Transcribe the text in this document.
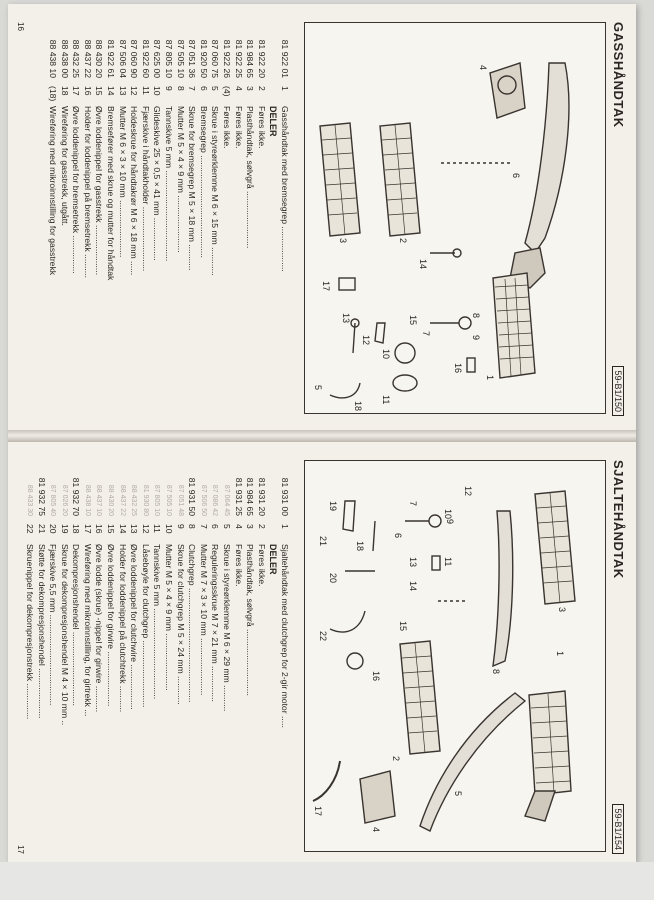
GASSHÅNDTAK
59-B1/150
1
2
3
4
5
6
7
8
9
10
11
12
13
14
15
16
17
18
81 922 01
1
Gasshåndtak med bremsegrep ...................
DELER
81 922 20
2
Føres ikke.
81 984 65
3
Plasthåndtak, sølvgrå ........................
81 922 25
4
Føres ikke.
81 922 26
(4)
Føres ikke.
87 060 75
5
Skrue i styreørklemme M 6 × 15 mm ............
81 920 50
6
Bremsegrep ...........................................
87 051 36
7
Skrue for bremsegrep M 5 × 18 mm ...........
87 505 10
8
Mutter M 5 × 4 × 9 mm ........................
87 805 10
9
Tannskive 5 mm ......................................
87 625 00
10
Glideskive 25 × 0,5 × 41 mm ..................
81 922 60
11
Fjærskive i håndtakholder ...........................
87 060 90
12
Holdeskrue for håndtakrør M 6 × 18 mm ......
87 506 04
13
Mutter M 6 × 3 × 10 mm ........................
81 922 61
14
Bremsefører med skrue og mutter for håndtak
88 430 20
15
Øvre loddenippel for gasstrekk .....................
88 437 22
16
Holder for loddenippel på bremsetrekk ..........
88 432 25
17
Øvre loddenippel for bremsetrekk ................
88 438 00
18
Wireføring for gasstrekk, utgått.
88 438 10
(18)
Wireføring med mikroinnstilling for gasstrekk
16
SJALTEHÅNDTAK
59-B1/154
1
2
3
4
5
6
7
8
9
10
11
12
13
14
15
16
17
18
19
20
21
22
81 931 00
1
Sjaltehåndtak med clutchgrep for 2-gir motor .....
DELER
81 931 20
2
Føres ikke.
81 984 65
3
Plasthåndtak, sølvgrå ............................
81 931 25
4
Føres ikke.
87 064 45
5
Skrue i styreørklemme M 6 × 29 mm ...........
87 086 42
6
Reguleringsskrue M 7 × 21 mm ...............
87 506 50
7
Mutter M 7 × 3 × 10 mm ........................
81 931 50
8
Clutchgrep ................................................
87 051 48
9
Skrue for clutchgrep M 5 × 24 mm ............
87 505 10
10
Mutter M 5 × 4 × 9 mm ........................
87 805 10
11
Tannskive 5 mm ......................................
81 930 80
12
Låsebøyle for clutchgrep ............................
88 432 25
13
Øvre loddenippel for clutchwire ...................
88 437 22
14
Holder for loddenippel på clutchtrekk ...........
88 430 20
15
Øvre loddenippel for girwire .......................
88 437 10
16
Øvre lodde (skrue) -nippel for girwire ...........
88 438 10
17
Wireføring med mikroinnstilling, for girtrekk ...
81 932 70
18
Dekompresjonshendel ...............................
87 026 20
19
Skrue for dekompresjonshendel M 4 × 10 mm ..
87 805 40
20
Fjærskive 5,5 mm ......................................
81 932 75
21
Støtte for dekompresjonshendel .....................
88 433 30
22
Skruenippel for dekompresjonstrekk ...............
17
